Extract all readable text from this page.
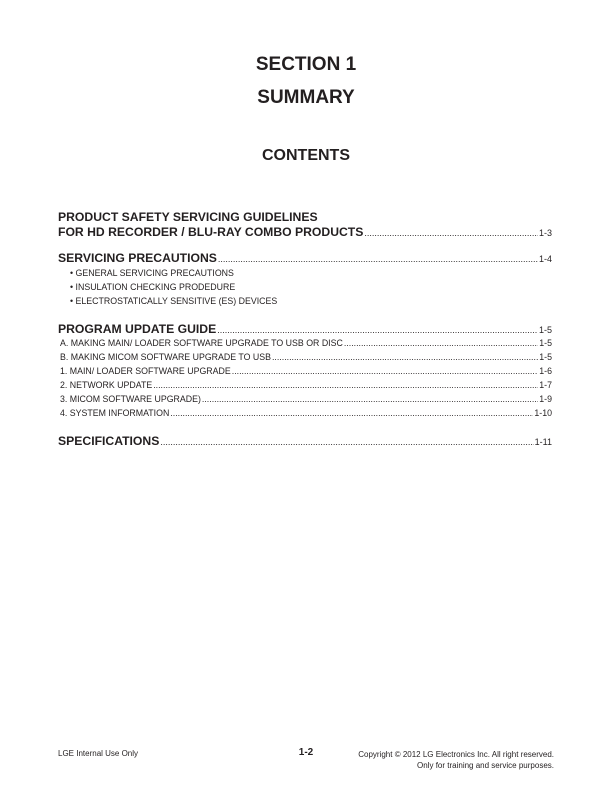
SECTION 1
SUMMARY
CONTENTS
PRODUCT SAFETY SERVICING GUIDELINES
FOR HD RECORDER / BLU-RAY COMBO PRODUCTS .....	1-3
SERVICING PRECAUTIONS .....	1-4
• GENERAL SERVICING PRECAUTIONS
• INSULATION CHECKING PRODEDURE
• ELECTROSTATICALLY SENSITIVE (ES) DEVICES
PROGRAM UPDATE GUIDE .....	1-5
A. MAKING MAIN/ LOADER SOFTWARE UPGRADE TO USB OR DISC .....	1-5
B. MAKING MICOM SOFTWARE UPGRADE TO USB .....	1-5
1. MAIN/ LOADER SOFTWARE UPGRADE .....	1-6
2. NETWORK UPDATE .....	1-7
3. MICOM SOFTWARE UPGRADE) .....	1-9
4. SYSTEM INFORMATION .....	1-10
SPECIFICATIONS .....	1-11
LGE Internal Use Only	1-2	Copyright © 2012 LG Electronics Inc. All right reserved.
Only for training and service purposes.
